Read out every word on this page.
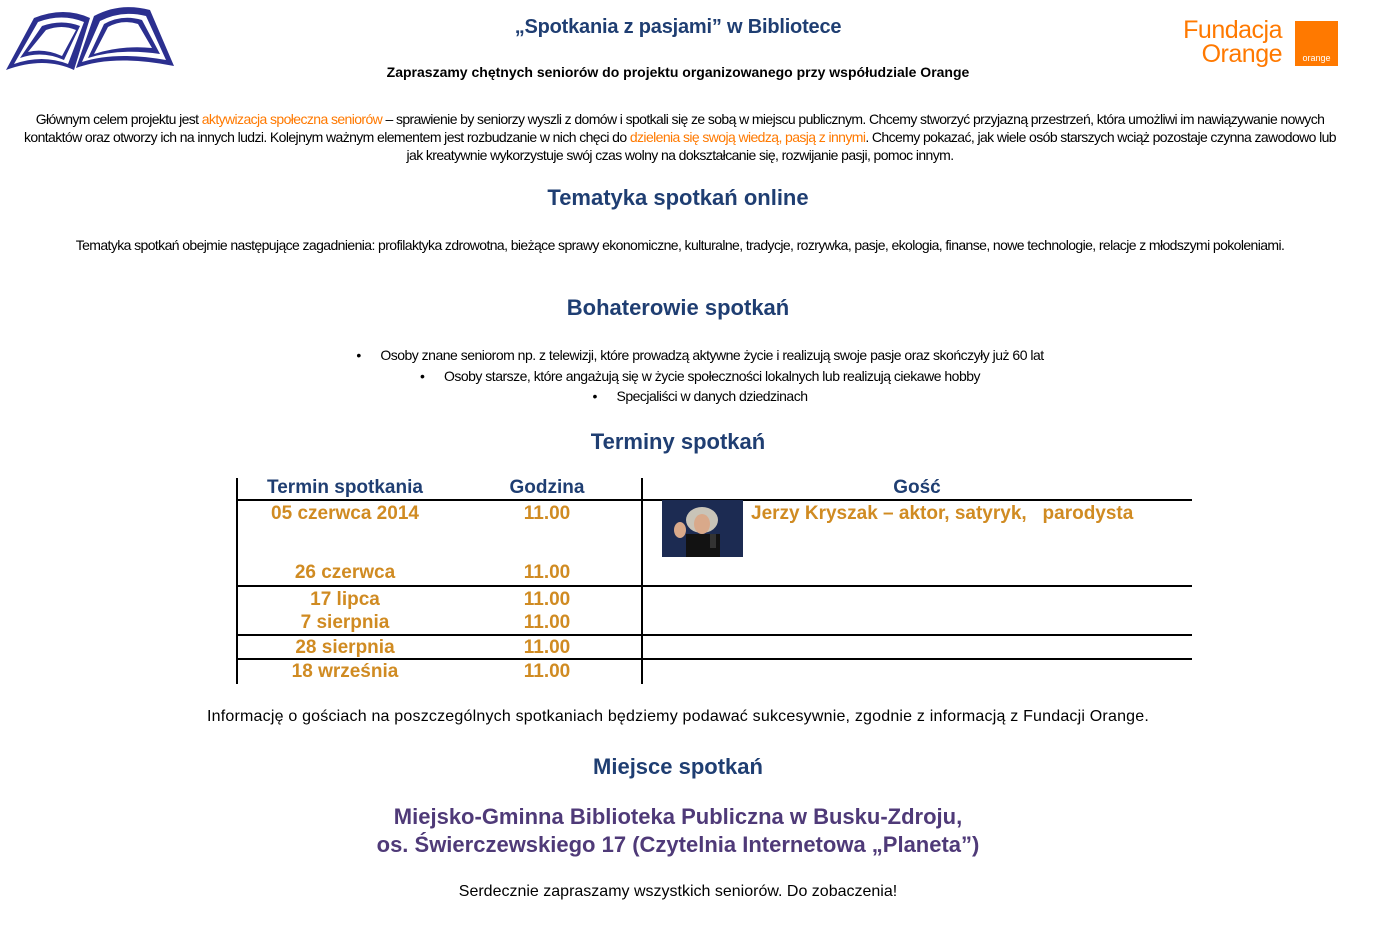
„Spotkania z pasjami” w Bibliotece
Zapraszamy chętnych seniorów do projektu organizowanego przy współudziale Orange
Fundacja
Orange	orange
Głównym celem projektu jest aktywizacja społeczna seniorów – sprawienie by seniorzy wyszli z domów i spotkali się ze sobą w miejscu publicznym. Chcemy stworzyć przyjazną przestrzeń, która umożliwi im nawiązywanie nowych kontaktów oraz otworzy ich na innych ludzi. Kolejnym ważnym elementem jest rozbudzanie w nich chęci do dzielenia się swoją wiedzą, pasją z innymi. Chcemy pokazać, jak wiele osób starszych wciąż pozostaje czynna zawodowo lub jak kreatywnie wykorzystuje swój czas wolny na dokształcanie się, rozwijanie pasji, pomoc innym.
Tematyka spotkań online
Tematyka spotkań obejmie następujące zagadnienia: profilaktyka zdrowotna, bieżące sprawy ekonomiczne, kulturalne, tradycje, rozrywka, pasje, ekologia, finanse, nowe technologie, relacje z młodszymi pokoleniami.
Bohaterowie spotkań
• Osoby znane seniorom np. z telewizji, które prowadzą aktywne życie i realizują swoje pasje oraz skończyły już 60 lat
• Osoby starsze, które angażują się w życie społeczności lokalnych lub realizują ciekawe hobby
• Specjaliści w danych dziedzinach
Terminy spotkań
Termin spotkania	Godzina	Gość
05 czerwca 2014	11.00	Jerzy Kryszak – aktor, satyryk,   parodysta
26 czerwca	11.00
17 lipca	11.00
7 sierpnia	11.00
28 sierpnia	11.00
18 września	11.00
Informację o gościach na poszczególnych spotkaniach będziemy podawać sukcesywnie, zgodnie z informacją z Fundacji Orange.
Miejsce spotkań
Miejsko-Gminna Biblioteka Publiczna w Busku-Zdroju,
os. Świerczewskiego 17 (Czytelnia Internetowa „Planeta”)
Serdecznie zapraszamy wszystkich seniorów. Do zobaczenia!
